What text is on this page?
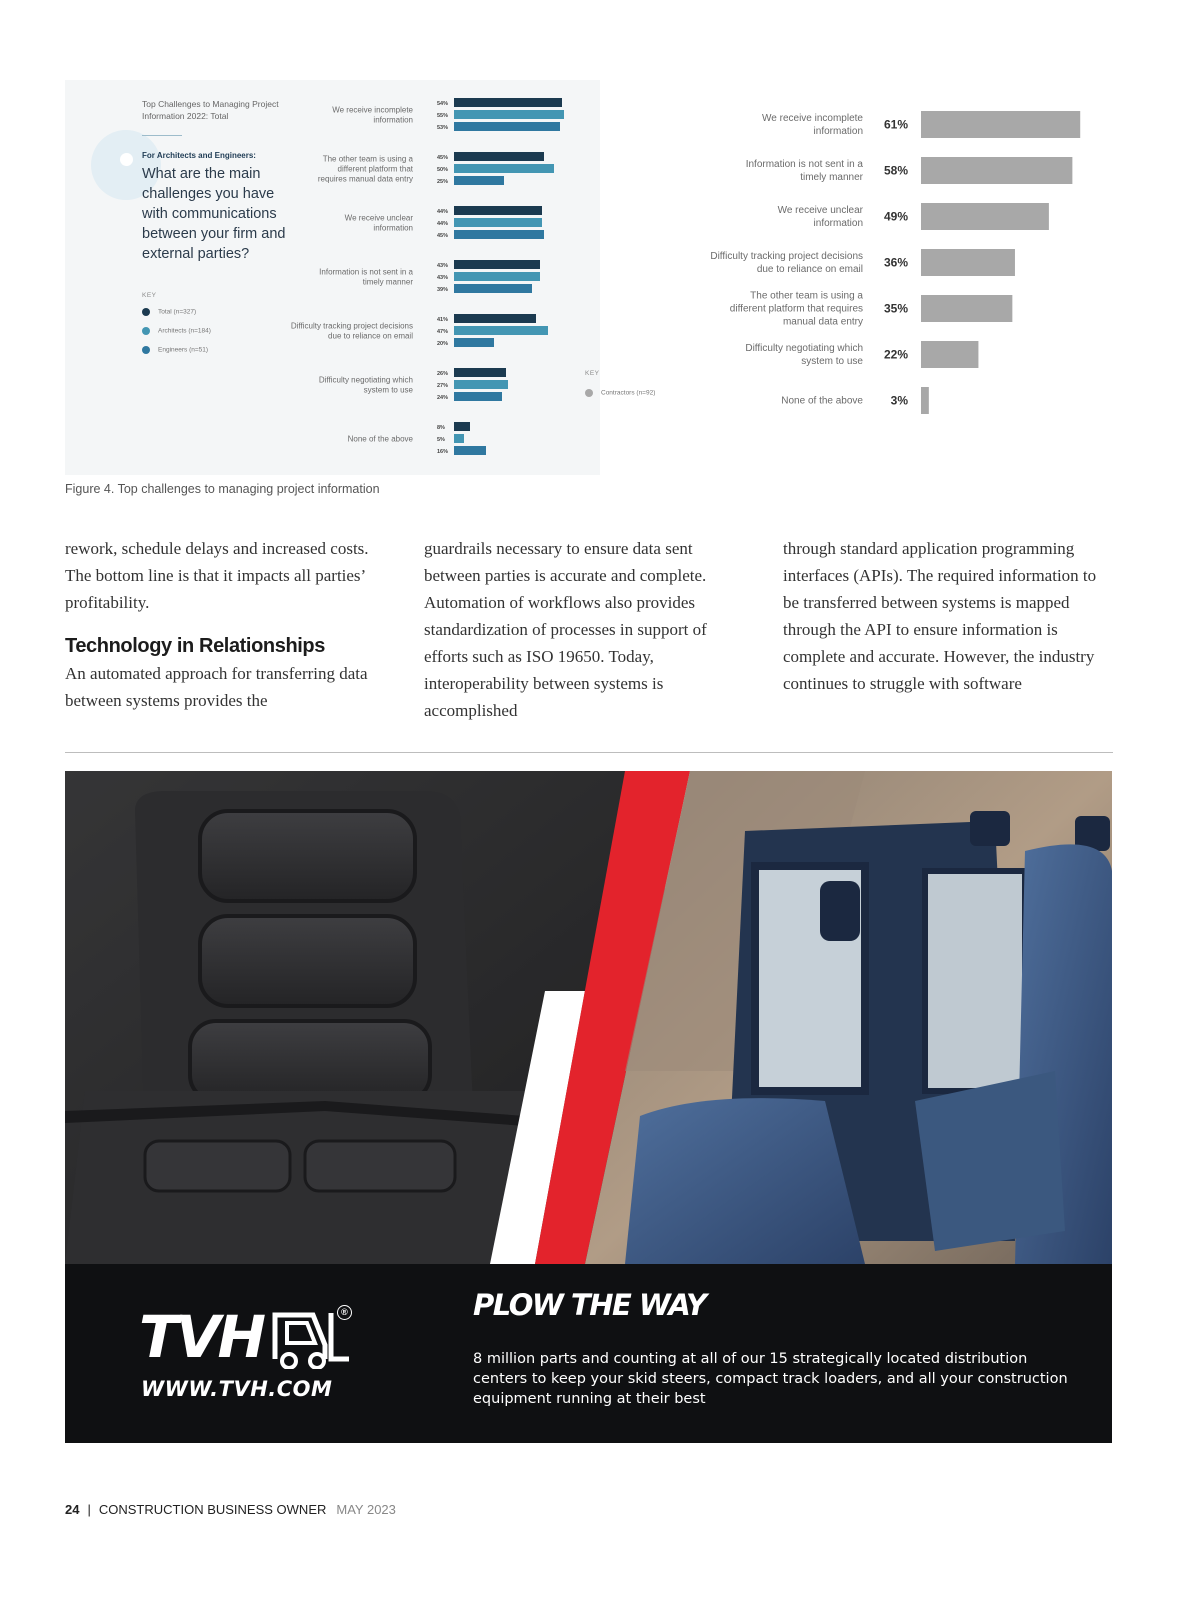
Top Challenges to Managing Project Information 2022: Total
For Architects and Engineers:
What are the main challenges you have with communications between your firm and external parties?
KEY
Total (n=327)
Architects (n=184)
Engineers (n=51)
We receive incomplete information
54%
55%
53%
The other team is using a different platform that requires manual data entry
45%
50%
25%
We receive unclear information
44%
44%
45%
Information is not sent in a timely manner
43%
43%
39%
Difficulty tracking project decisions due to reliance on email
41%
47%
20%
Difficulty negotiating which system to use
26%
27%
24%
None of the above
8%
5%
16%
We receive incomplete information 61%
Information is not sent in a timely manner 58%
We receive unclear information 49%
Difficulty tracking project decisions due to reliance on email 36%
The other team is using a different platform that requires manual data entry
35%
Difficulty negotiating which system to use 22%
None of the above 3%
KEY
Contractors (n=92)
Figure 4. Top challenges to managing project information

rework, schedule delays and increased costs. The bottom line is that it impacts all parties’ profitability.

Technology in Relationships

An automated approach for transferring data between systems provides the

guardrails necessary to ensure data sent between parties is accurate and complete. Automation of workflows also provides standardization of processes in support of efforts such as ISO 19650. Today, interoperability between systems is accomplished

through standard application programming interfaces (APIs). The required information to be transferred between systems is mapped through the API to ensure information is complete and accurate. However, the industry continues to struggle with software

TVH	®
WWW.TVH.COM
PLOW THE WAY
8 million parts and counting at all of our 15 strategically located distribution centers to keep your skid steers, compact track loaders, and all your construction equipment running at their best
24 | CONSTRUCTION BUSINESS OWNER MAY 2023
